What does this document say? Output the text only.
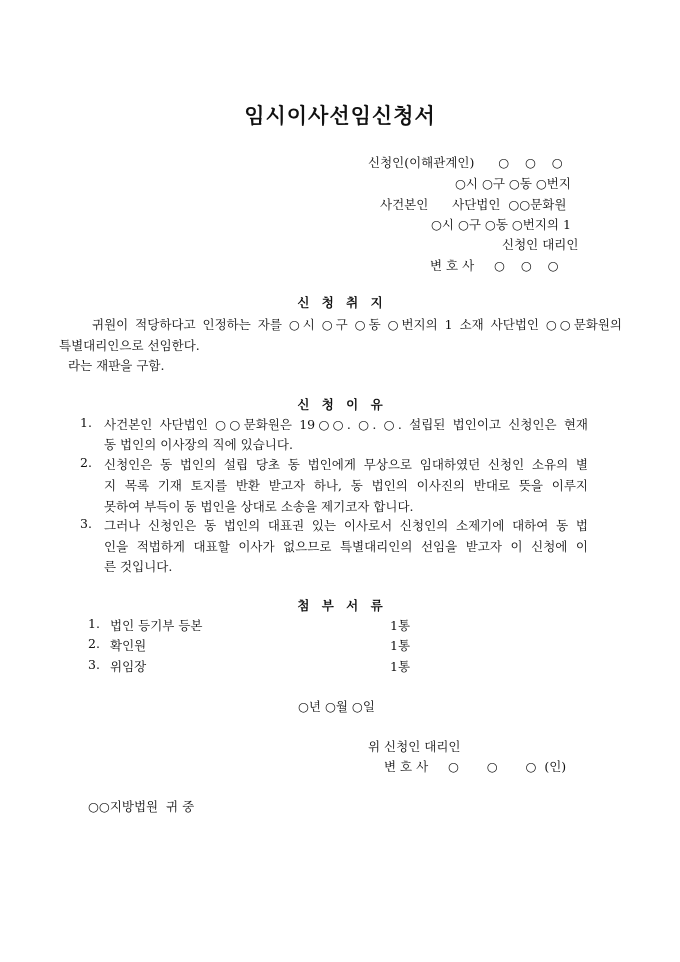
임시이사선임신청서
신청인(이해관계인)      ○    ○    ○
○시 ○구 ○동 ○번지
사건본인      사단법인  ○○문화원
○시 ○구 ○동 ○번지의 1
신청인 대리인
변 호 사     ○    ○    ○
신 청 취 지
귀원이 적당하다고 인정하는 자를 ○시 ○구 ○동 ○번지의 1 소재 사단법인 ○○문화원의
특별대리인으로 선임한다.
라는 재판을 구함.
신 청 이 유
1. 사건본인 사단법인 ○○문화원은 19○○. ○. ○. 설립된 법인이고 신청인은 현재
동 법인의 이사장의 직에 있습니다.
2. 신청인은 동 법인의 설립 당초 동 법인에게 무상으로 임대하였던 신청인 소유의 별
지 목록 기재 토지를 반환 받고자 하나, 동 법인의 이사진의 반대로 뜻을 이루지
못하여 부득이 동 법인을 상대로 소송을 제기코자 합니다.
3. 그러나 신청인은 동 법인의 대표권 있는 이사로서 신청인의 소제기에 대하여 동 법
인을 적법하게 대표할 이사가 없으므로 특별대리인의 선임을 받고자 이 신청에 이
른 것입니다.
첨 부 서 류
1. 법인 등기부 등본	1통
2. 확인원	1통
3. 위임장	1통
○년 ○월 ○일
위 신청인 대리인
변 호 사     ○       ○       ○  (인)
○○지방법원  귀 중
